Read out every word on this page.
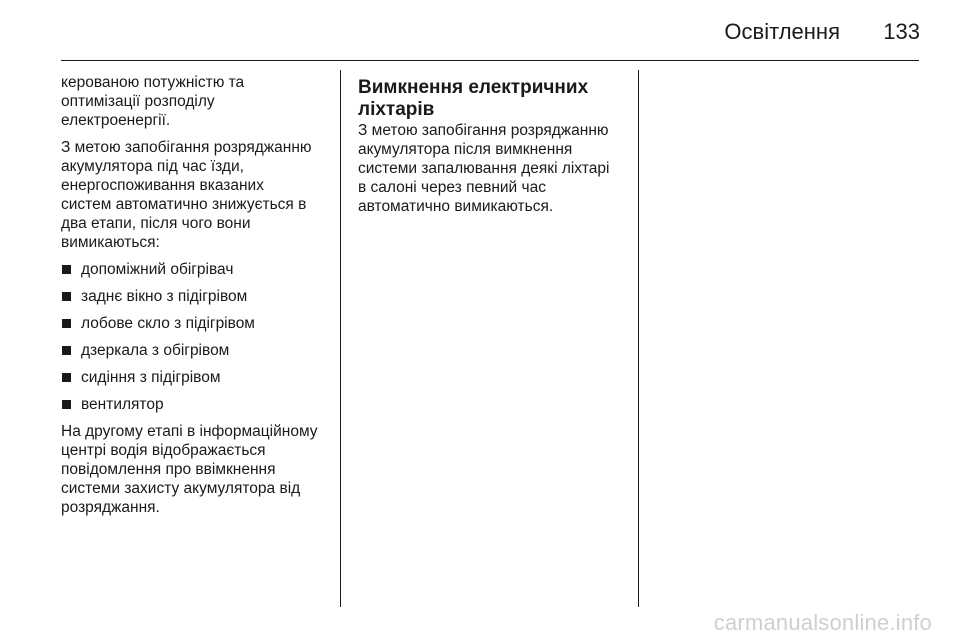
Освітлення 133

керованою потужністю та
оптимізації розподілу
електроенергії.

З метою запобігання розряджанню
акумулятора під час їзди,
енергоспоживання вказаних
систем автоматично знижується в
два етапи, після чого вони
вимикаються:

допоміжний обігрівач
заднє вікно з підігрівом
лобове скло з підігрівом
дзеркала з обігрівом
сидіння з підігрівом
вентилятор

На другому етапі в інформаційному
центрі водія відображається
повідомлення про ввімкнення
системи захисту акумулятора від
розряджання.

Вимкнення електричних
ліхтарів

З метою запобігання розряджанню
акумулятора після вимкнення
системи запалювання деякі ліхтарі
в салоні через певний час
автоматично вимикаються.

carmanualsonline.info
